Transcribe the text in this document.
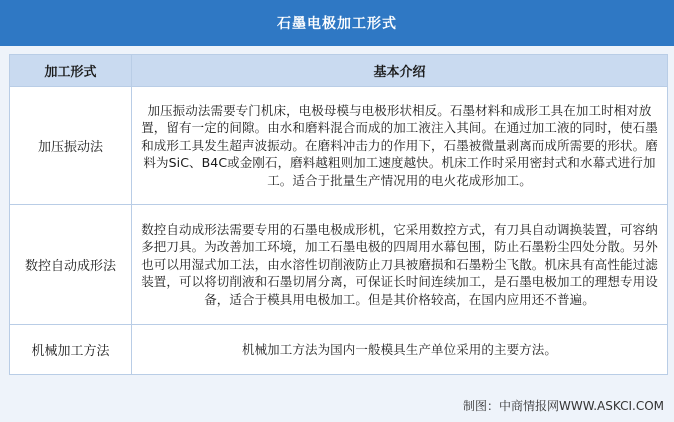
石墨电极加工形式
加工形式	基本介绍
加压振动法	加压振动法需要专门机床，电极母模与电极形状相反。石墨材料和成形工具在加工时相对放置，留有一定的间隙。由水和磨料混合而成的加工液注入其间。在通过加工液的同时，使石墨和成形工具发生超声波振动。在磨料冲击力的作用下，石墨被微量剥离而成所需要的形状。磨料为SiC、B4C或金刚石，磨料越粗则加工速度越快。机床工作时采用密封式和水幕式进行加工。适合于批量生产情况用的电火花成形加工。
数控自动成形法	数控自动成形法需要专用的石墨电极成形机，它采用数控方式，有刀具自动调换装置，可容纳多把刀具。为改善加工环境，加工石墨电极的四周用水幕包围，防止石墨粉尘四处分散。另外也可以用湿式加工法，由水溶性切削液防止刀具被磨损和石墨粉尘飞散。机床具有高性能过滤装置，可以将切削液和石墨切屑分离，可保证长时间连续加工，是石墨电极加工的理想专用设备，适合于模具用电极加工。但是其价格较高，在国内应用还不普遍。
机械加工方法	机械加工方法为国内一般模具生产单位采用的主要方法。
制图：中商情报网WWW.ASKCI.COM
